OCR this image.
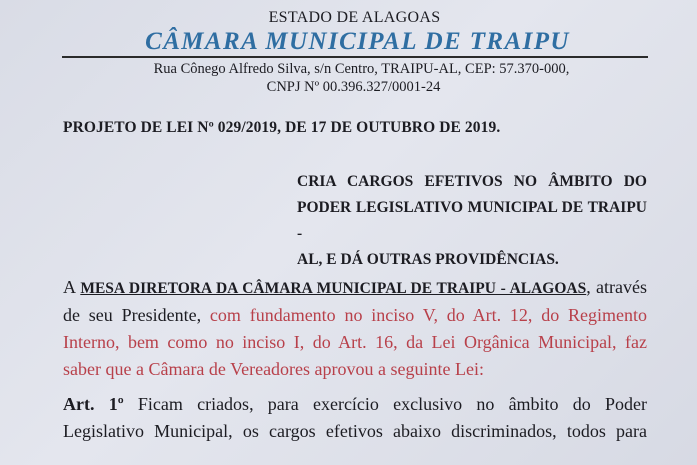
ESTADO DE ALAGOAS
CÂMARA MUNICIPAL DE TRAIPU
Rua Cônego Alfredo Silva, s/n Centro, TRAIPU-AL, CEP: 57.370-000,
CNPJ Nº 00.396.327/0001-24
PROJETO DE LEI Nº 029/2019, DE 17 DE OUTUBRO DE 2019.
CRIA CARGOS EFETIVOS NO ÂMBITO DO
PODER LEGISLATIVO MUNICIPAL DE TRAIPU -
AL, E DÁ OUTRAS PROVIDÊNCIAS.
A MESA DIRETORA DA CÂMARA MUNICIPAL DE TRAIPU - ALAGOAS, através
de seu Presidente, com fundamento no inciso V, do Art. 12, do Regimento
Interno, bem como no inciso I, do Art. 16, da Lei Orgânica Municipal, faz
saber que a Câmara de Vereadores aprovou a seguinte Lei:
Art. 1º Ficam criados, para exercício exclusivo no âmbito do Poder
Legislativo Municipal, os cargos efetivos abaixo discriminados, todos para
